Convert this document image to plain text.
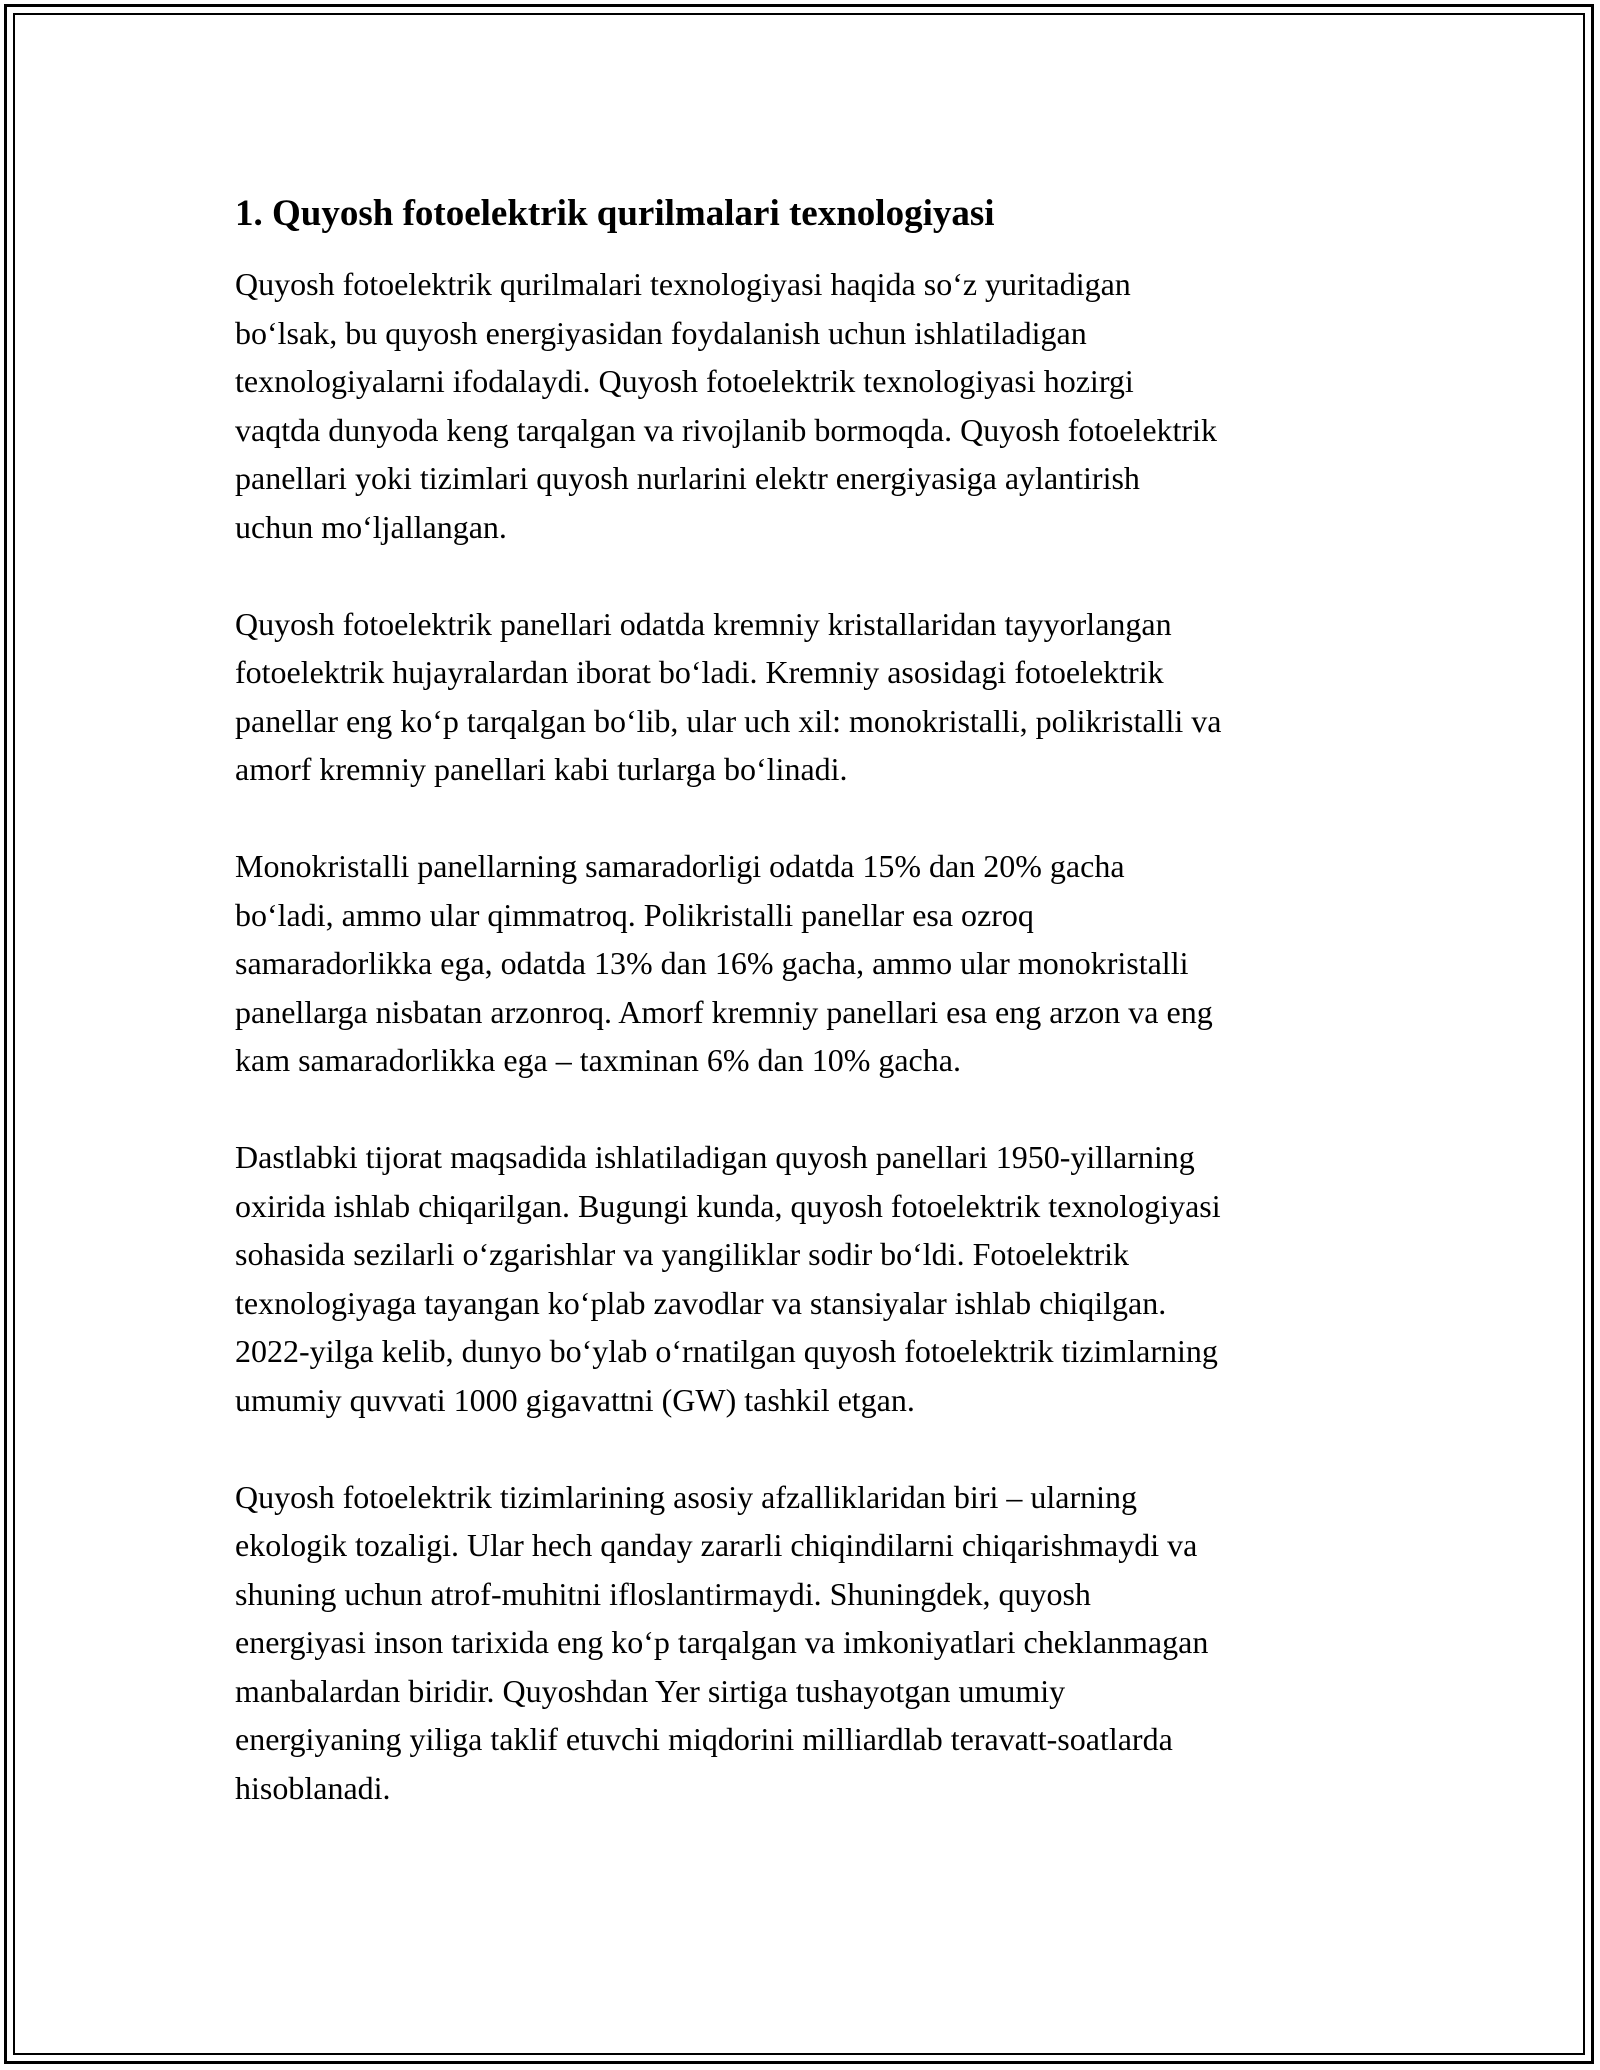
1. Quyosh fotoelektrik qurilmalari texnologiyasi

Quyosh fotoelektrik qurilmalari texnologiyasi haqida so‘z yuritadigan
bo‘lsak, bu quyosh energiyasidan foydalanish uchun ishlatiladigan
texnologiyalarni ifodalaydi. Quyosh fotoelektrik texnologiyasi hozirgi
vaqtda dunyoda keng tarqalgan va rivojlanib bormoqda. Quyosh fotoelektrik
panellari yoki tizimlari quyosh nurlarini elektr energiyasiga aylantirish
uchun mo‘ljallangan.

Quyosh fotoelektrik panellari odatda kremniy kristallaridan tayyorlangan
fotoelektrik hujayralardan iborat bo‘ladi. Kremniy asosidagi fotoelektrik
panellar eng ko‘p tarqalgan bo‘lib, ular uch xil: monokristalli, polikristalli va
amorf kremniy panellari kabi turlarga bo‘linadi.

Monokristalli panellarning samaradorligi odatda 15% dan 20% gacha
bo‘ladi, ammo ular qimmatroq. Polikristalli panellar esa ozroq
samaradorlikka ega, odatda 13% dan 16% gacha, ammo ular monokristalli
panellarga nisbatan arzonroq. Amorf kremniy panellari esa eng arzon va eng
kam samaradorlikka ega – taxminan 6% dan 10% gacha.

Dastlabki tijorat maqsadida ishlatiladigan quyosh panellari 1950-yillarning
oxirida ishlab chiqarilgan. Bugungi kunda, quyosh fotoelektrik texnologiyasi
sohasida sezilarli o‘zgarishlar va yangiliklar sodir bo‘ldi. Fotoelektrik
texnologiyaga tayangan ko‘plab zavodlar va stansiyalar ishlab chiqilgan.
2022-yilga kelib, dunyo bo‘ylab o‘rnatilgan quyosh fotoelektrik tizimlarning
umumiy quvvati 1000 gigavattni (GW) tashkil etgan.

Quyosh fotoelektrik tizimlarining asosiy afzalliklaridan biri – ularning
ekologik tozaligi. Ular hech qanday zararli chiqindilarni chiqarishmaydi va
shuning uchun atrof-muhitni ifloslantirmaydi. Shuningdek, quyosh
energiyasi inson tarixida eng ko‘p tarqalgan va imkoniyatlari cheklanmagan
manbalardan biridir. Quyoshdan Yer sirtiga tushayotgan umumiy
energiyaning yiliga taklif etuvchi miqdorini milliardlab teravatt-soatlarda
hisoblanadi.
